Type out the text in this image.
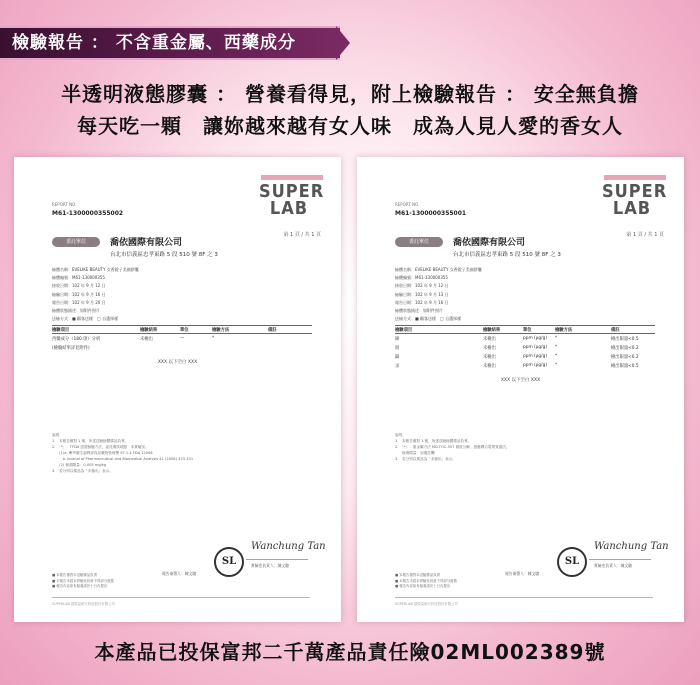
檢驗報告 ： 不含重金屬、西藥成分
半透明液態膠囊 ： 營養看得見，附上檢驗報告 ： 安全無負擔
每天吃一顆　讓妳越來越有女人味　成為人見人愛的香女人
SUPER
LAB
第 1 頁 / 共 1 頁
REPORT NO.
M61-1300000355002
委託單位	喬依國際有限公司
台北市信義區忠孝東路 5 段 510 號 8F 之 3
檢體名稱：EVELIKE BEAUTY 女香錠子美顏膠囊
檢體編號：M61-130000355
接收日期：102 年 9 月 12 日
檢驗日期：102 年 9 月 16 日
報告日期：102 年 9 月 20 日
檢體狀態描述：如附件照片
送檢方式：■ 顧客送樣　□ 自選採樣
檢驗項目	檢驗結果	單位	檢驗方法	備註
西藥成分（180 項）分析	未檢出	—	*
(檢驗結果詳見附件)
XXX 以下空白 XXX
說明：
1.　本報告僅對 1 號，所述送驗檢體樣品負責。
2.　「*」：TFDA 認證檢驗方法，委託測試地點：本實驗室。
　　(1)a. 參考衛生福利部食品藥物管理署 97.1.4 FDA 12008
　　　b. Journal of Pharmaceutical and Biomedical Analysis 41 (2006) 323-331
　　(2) 檢測限量：0.005 mg/kg
3.　若分別以樣品為「未檢出」表示。
SL
Wanchung Tan
實驗室負責人：陳文聰
報告簽署人：陳文聰
■ 本報告僅對本送驗樣品負責
■ 本報告未經本實驗室同意不得部分複製
■ 報告內容如有疑義請於十日內提出
SUPERLAB 超微量研究科技股份有限公司
SUPER
LAB
第 1 頁 / 共 1 頁
REPORT NO.
M61-1300000355001
委託單位	喬依國際有限公司
台北市信義區忠孝東路 5 段 510 號 8F 之 3
檢體名稱：EVELIKE BEAUTY 女香錠子美顏膠囊
檢體編號：M61-130000355
接收日期：102 年 9 月 12 日
檢驗日期：102 年 9 月 13 日
報告日期：102 年 9 月 16 日
檢體狀態描述：如附件照片
送檢方式：■ 顧客送樣　□ 自選採樣
檢驗項目	檢驗結果	單位	檢驗方法	備註
砷	未檢出	ppm (μg/g)	*	檢出限量<0.5
鉛	未檢出	ppm (μg/g)	*	檢出限量<0.2
鎘	未檢出	ppm (μg/g)	*	檢出限量<0.2
汞	未檢出	ppm (μg/g)	*	檢出限量<0.5
XXX 以下空白 XXX
說明：
1.　本報告僅對 1 號，所述送驗檢體樣品負責。
2.　「*」：重金屬方法 MD-TOC-557 微波分解，感應耦合電漿質譜法。
　　檢測限量：如備註欄
3.　若分別以樣品為「未檢出」表示。
SL
Wanchung Tan
實驗室負責人：陳文聰
報告簽署人：陳文聰
■ 本報告僅對本送驗樣品負責
■ 本報告未經本實驗室同意不得部分複製
■ 報告內容如有疑義請於十日內提出
SUPERLAB 超微量研究科技股份有限公司
本產品已投保富邦二千萬產品責任險02ML002389號
